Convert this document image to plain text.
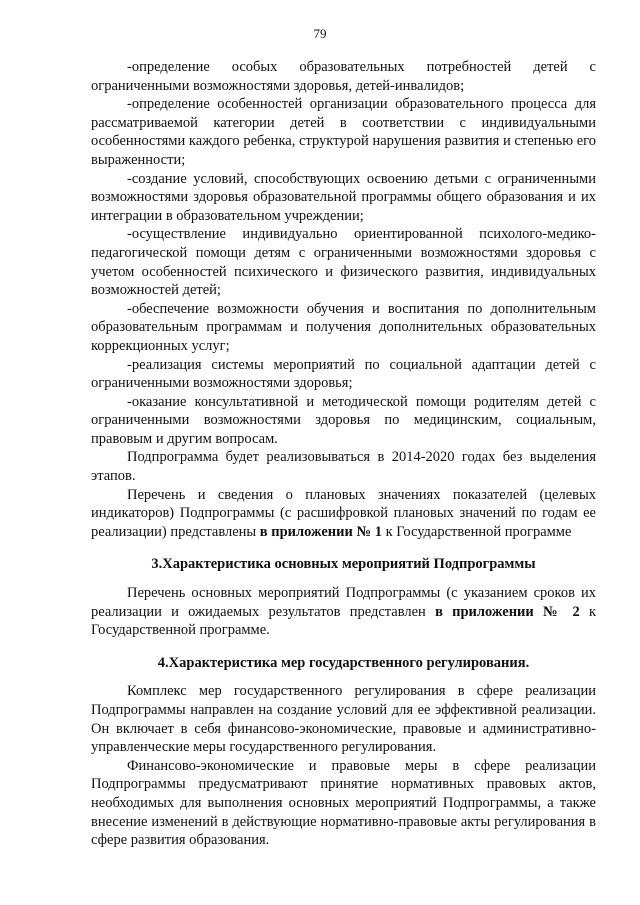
79

-определение особых образовательных потребностей детей с ограниченными возможностями здоровья, детей-инвалидов;

-определение особенностей организации образовательного процесса для рассматриваемой категории детей в соответствии с индивидуальными особенностями каждого ребенка, структурой нарушения развития и степенью его выраженности;

-создание условий, способствующих освоению детьми с ограниченными возможностями здоровья образовательной программы общего образования и их интеграции в образовательном учреждении;

-осуществление индивидуально ориентированной психолого-медико-педагогической помощи детям с ограниченными возможностями здоровья с учетом особенностей психического и физического развития, индивидуальных возможностей детей;

-обеспечение возможности обучения и воспитания по дополнительным образовательным программам и получения дополнительных образовательных коррекционных услуг;

-реализация системы мероприятий по социальной адаптации детей с ограниченными возможностями здоровья;

-оказание консультативной и методической помощи родителям детей с ограниченными возможностями здоровья по медицинским, социальным, правовым и другим вопросам.

Подпрограмма будет реализовываться в 2014-2020 годах без выделения этапов.

Перечень и сведения о плановых значениях показателей (целевых индикаторов) Подпрограммы (с расшифровкой плановых значений по годам ее реализации) представлены в приложении № 1 к Государственной программе

3.Характеристика основных мероприятий Подпрограммы

Перечень основных мероприятий Подпрограммы (с указанием сроков их реализации и ожидаемых результатов представлен в приложении № 2 к Государственной программе.

4.Характеристика мер государственного регулирования.

Комплекс мер государственного регулирования в сфере реализации Подпрограммы направлен на создание условий для ее эффективной реализации. Он включает в себя финансово-экономические, правовые и административно-управленческие меры государственного регулирования.

Финансово-экономические и правовые меры в сфере реализации Подпрограммы предусматривают принятие нормативных правовых актов, необходимых для выполнения основных мероприятий Подпрограммы, а также внесение изменений в действующие нормативно-правовые акты регулирования в сфере развития образования.
